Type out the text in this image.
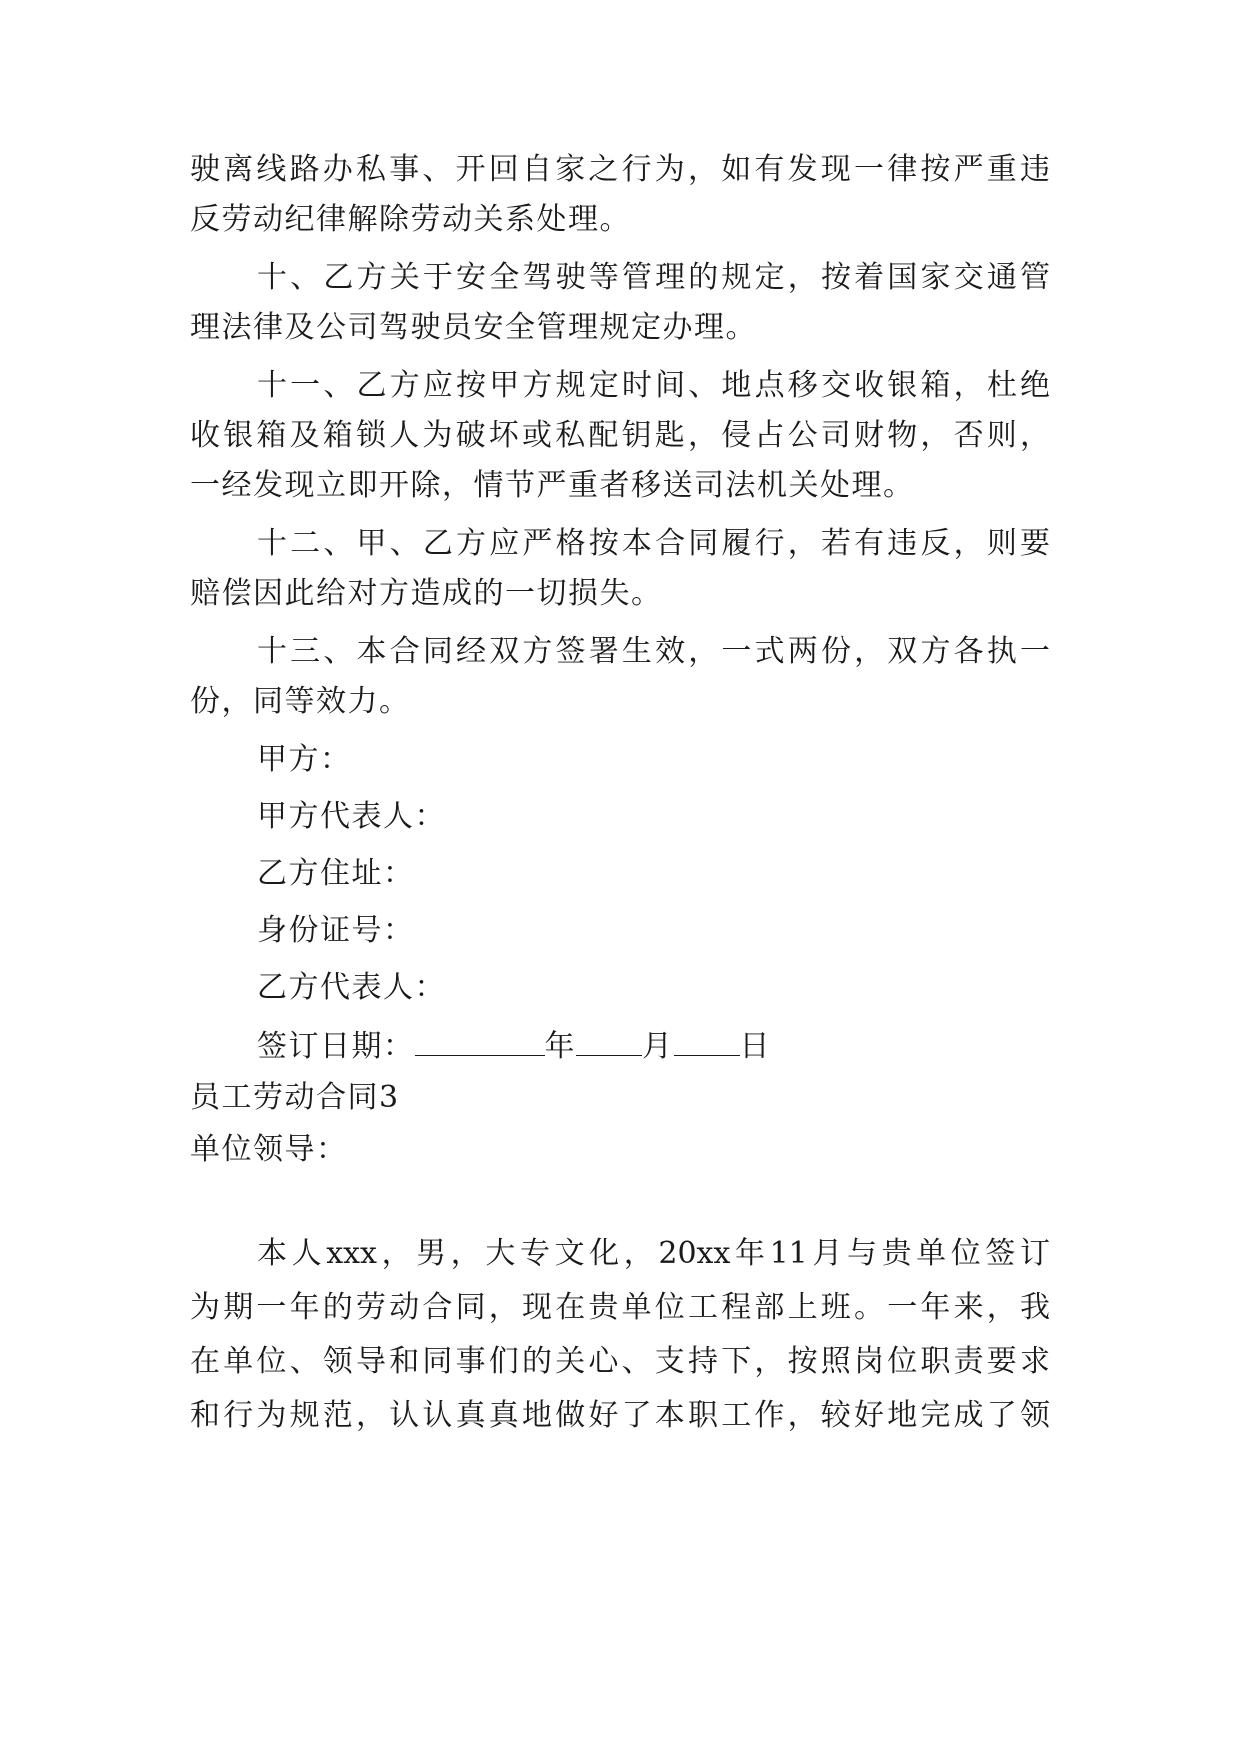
驶离线路办私事、开回自家之行为，如有发现一律按严重违
反劳动纪律解除劳动关系处理。
十、乙方关于安全驾驶等管理的规定，按着国家交通管
理法律及公司驾驶员安全管理规定办理。
十一、乙方应按甲方规定时间、地点移交收银箱，杜绝
收银箱及箱锁人为破坏或私配钥匙，侵占公司财物，否则，
一经发现立即开除，情节严重者移送司法机关处理。
十二、甲、乙方应严格按本合同履行，若有违反，则要
赔偿因此给对方造成的一切损失。
十三、本合同经双方签署生效，一式两份，双方各执一
份，同等效力。
甲方：
甲方代表人：
乙方住址：
身份证号：
乙方代表人：
签订日期：	年 月 日
员工劳动合同3
单位领导：
本人xxx，男，大专文化，20xx年11月与贵单位签订
为期一年的劳动合同，现在贵单位工程部上班。一年来，我
在单位、领导和同事们的关心、支持下，按照岗位职责要求
和行为规范，认认真真地做好了本职工作，较好地完成了领
